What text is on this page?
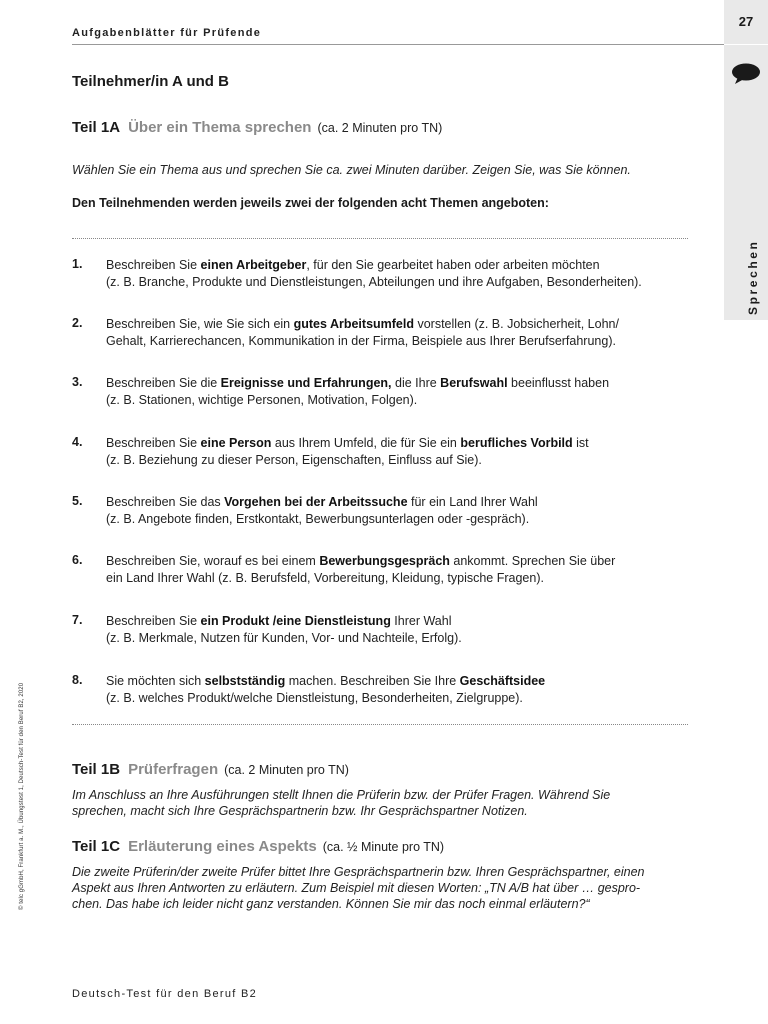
Aufgabenblätter für Prüfende
27
Sprechen
© telc gGmbH, Frankfurt a. M., Übungstest 1, Deutsch-Test für den Beruf B2, 2020
Teilnehmer/in A und B
Teil 1A Über ein Thema sprechen (ca. 2 Minuten pro TN)
Wählen Sie ein Thema aus und sprechen Sie ca. zwei Minuten darüber. Zeigen Sie, was Sie können.
Den Teilnehmenden werden jeweils zwei der folgenden acht Themen angeboten:
1. Beschreiben Sie einen Arbeitgeber, für den Sie gearbeitet haben oder arbeiten möchten
(z. B. Branche, Produkte und Dienstleistungen, Abteilungen und ihre Aufgaben, Besonderheiten).
2. Beschreiben Sie, wie Sie sich ein gutes Arbeitsumfeld vorstellen (z. B. Jobsicherheit, Lohn/
Gehalt, Karrierechancen, Kommunikation in der Firma, Beispiele aus Ihrer Berufserfahrung).
3. Beschreiben Sie die Ereignisse und Erfahrungen, die Ihre Berufswahl beeinflusst haben
(z. B. Stationen, wichtige Personen, Motivation, Folgen).
4. Beschreiben Sie eine Person aus Ihrem Umfeld, die für Sie ein berufliches Vorbild ist
(z. B. Beziehung zu dieser Person, Eigenschaften, Einfluss auf Sie).
5. Beschreiben Sie das Vorgehen bei der Arbeitssuche für ein Land Ihrer Wahl
(z. B. Angebote finden, Erstkontakt, Bewerbungsunterlagen oder -gespräch).
6. Beschreiben Sie, worauf es bei einem Bewerbungsgespräch ankommt. Sprechen Sie über
ein Land Ihrer Wahl (z. B. Berufsfeld, Vorbereitung, Kleidung, typische Fragen).
7. Beschreiben Sie ein Produkt /eine Dienstleistung Ihrer Wahl
(z. B. Merkmale, Nutzen für Kunden, Vor- und Nachteile, Erfolg).
8. Sie möchten sich selbstständig machen. Beschreiben Sie Ihre Geschäftsidee
(z. B. welches Produkt/welche Dienstleistung, Besonderheiten, Zielgruppe).
Teil 1B Prüferfragen (ca. 2 Minuten pro TN)
Im Anschluss an Ihre Ausführungen stellt Ihnen die Prüferin bzw. der Prüfer Fragen. Während Sie
sprechen, macht sich Ihre Gesprächspartnerin bzw. Ihr Gesprächspartner Notizen.
Teil 1C Erläuterung eines Aspekts (ca. ½ Minute pro TN)
Die zweite Prüferin/der zweite Prüfer bittet Ihre Gesprächspartnerin bzw. Ihren Gesprächspartner, einen
Aspekt aus Ihren Antworten zu erläutern. Zum Beispiel mit diesen Worten: „TN A/B hat über … gespro-
chen. Das habe ich leider nicht ganz verstanden. Können Sie mir das noch einmal erläutern?“
Deutsch-Test für den Beruf B2
